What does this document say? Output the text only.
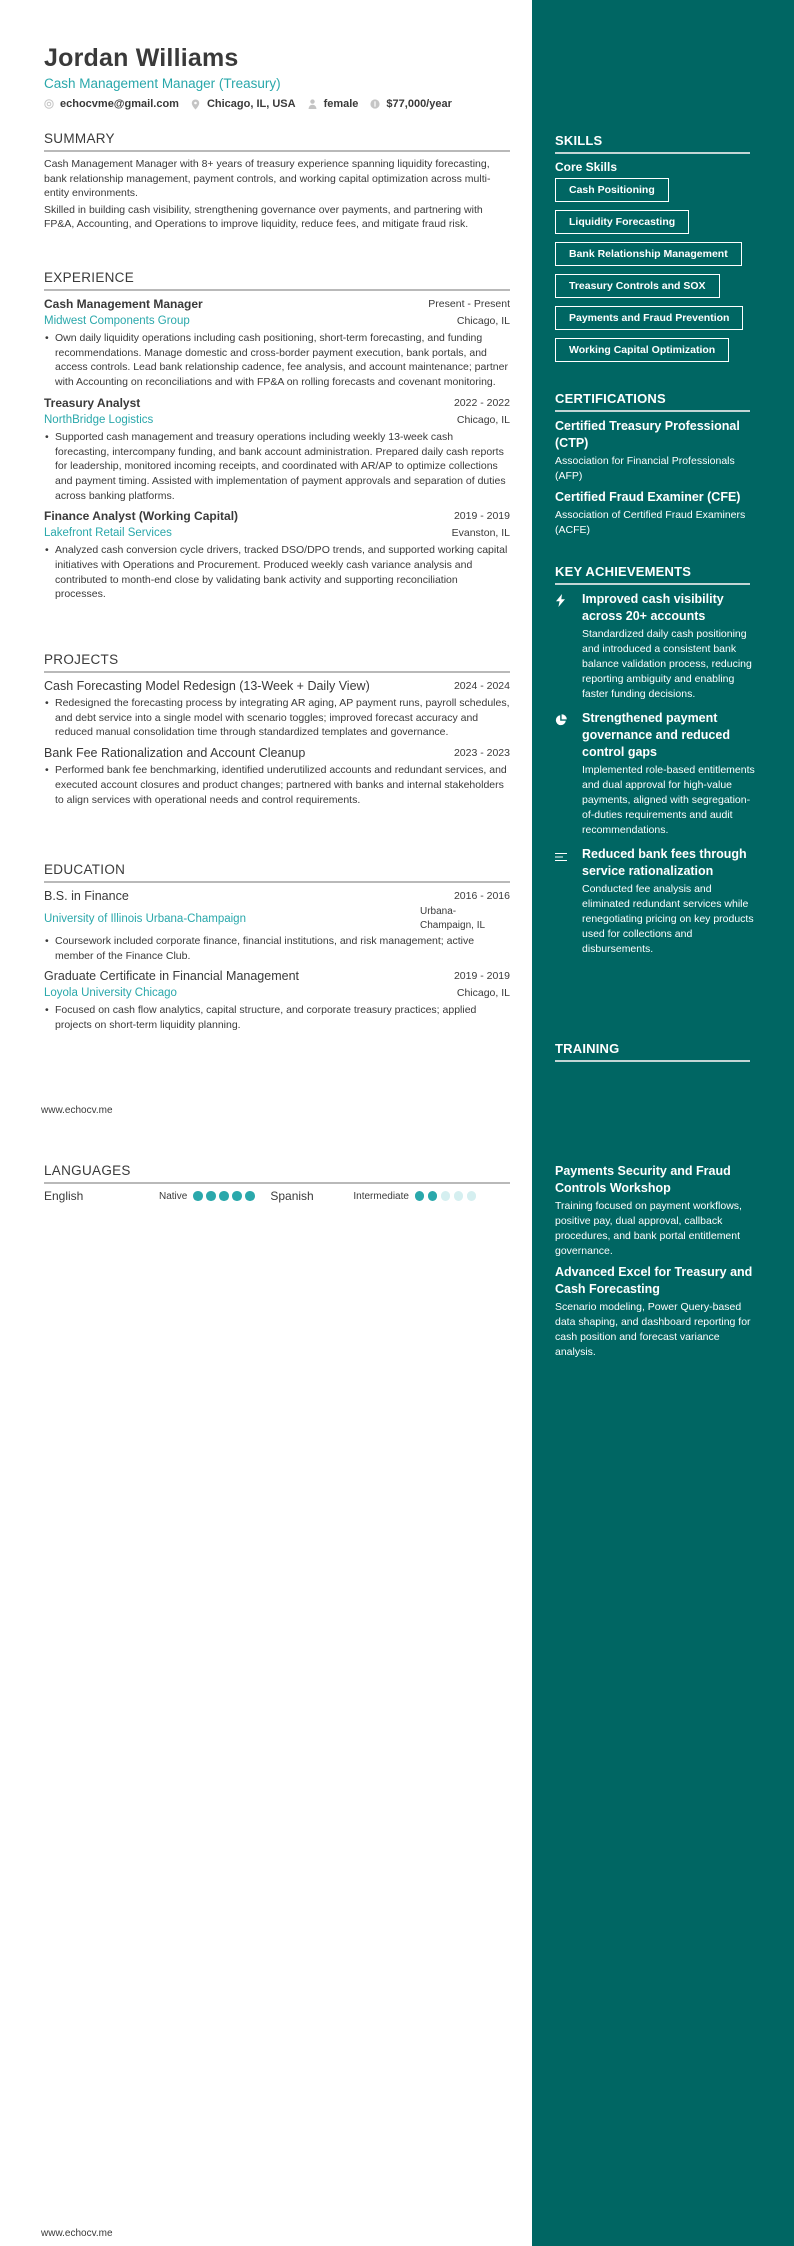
Jordan Williams
Cash Management Manager (Treasury)
echocvme@gmail.com	Chicago, IL, USA	female	$77,000/year
SUMMARY
Cash Management Manager with 8+ years of treasury experience spanning liquidity forecasting, bank relationship management, payment controls, and working capital optimization across multi-entity environments.
Skilled in building cash visibility, strengthening governance over payments, and partnering with FP&A, Accounting, and Operations to improve liquidity, reduce fees, and mitigate fraud risk.
EXPERIENCE
Cash Management Manager	Present - Present
Midwest Components Group	Chicago, IL
• Own daily liquidity operations including cash positioning, short-term forecasting, and funding recommendations. Manage domestic and cross-border payment execution, bank portals, and access controls. Lead bank relationship cadence, fee analysis, and account maintenance; partner with Accounting on reconciliations and with FP&A on rolling forecasts and covenant monitoring.
Treasury Analyst	2022 - 2022
NorthBridge Logistics	Chicago, IL
• Supported cash management and treasury operations including weekly 13-week cash forecasting, intercompany funding, and bank account administration. Prepared daily cash reports for leadership, monitored incoming receipts, and coordinated with AR/AP to optimize collections and payment timing. Assisted with implementation of payment approvals and separation of duties across banking platforms.
Finance Analyst (Working Capital)	2019 - 2019
Lakefront Retail Services	Evanston, IL
• Analyzed cash conversion cycle drivers, tracked DSO/DPO trends, and supported working capital initiatives with Operations and Procurement. Produced weekly cash variance analysis and contributed to month-end close by validating bank activity and supporting reconciliation processes.
PROJECTS
Cash Forecasting Model Redesign (13-Week + Daily View)	2024 - 2024
• Redesigned the forecasting process by integrating AR aging, AP payment runs, payroll schedules, and debt service into a single model with scenario toggles; improved forecast accuracy and reduced manual consolidation time through standardized templates and governance.
Bank Fee Rationalization and Account Cleanup	2023 - 2023
• Performed bank fee benchmarking, identified underutilized accounts and redundant services, and executed account closures and product changes; partnered with banks and internal stakeholders to align services with operational needs and control requirements.
EDUCATION
B.S. in Finance	2016 - 2016
University of Illinois Urbana-Champaign
Urbana-Champaign, IL
• Coursework included corporate finance, financial institutions, and risk management; active member of the Finance Club.
Graduate Certificate in Financial Management	2019 - 2019
Loyola University Chicago	Chicago, IL
• Focused on cash flow analytics, capital structure, and corporate treasury practices; applied projects on short-term liquidity planning.
LANGUAGES
English	Native	Spanish	Intermediate
www.echocv.me
www.echocv.me
SKILLS
Core Skills
Cash Positioning
Liquidity Forecasting
Bank Relationship Management
Treasury Controls and SOX
Payments and Fraud Prevention
Working Capital Optimization
CERTIFICATIONS
Certified Treasury Professional (CTP)
Association for Financial Professionals (AFP)
Certified Fraud Examiner (CFE)
Association of Certified Fraud Examiners (ACFE)
KEY ACHIEVEMENTS
Improved cash visibility across 20+ accounts
Standardized daily cash positioning and introduced a consistent bank balance validation process, reducing reporting ambiguity and enabling faster funding decisions.
Strengthened payment governance and reduced control gaps
Implemented role-based entitlements and dual approval for high-value payments, aligned with segregation-of-duties requirements and audit recommendations.
Reduced bank fees through service rationalization
Conducted fee analysis and eliminated redundant services while renegotiating pricing on key products used for collections and disbursements.
TRAINING
Payments Security and Fraud Controls Workshop
Training focused on payment workflows, positive pay, dual approval, callback procedures, and bank portal entitlement governance.
Advanced Excel for Treasury and Cash Forecasting
Scenario modeling, Power Query-based data shaping, and dashboard reporting for cash position and forecast variance analysis.
